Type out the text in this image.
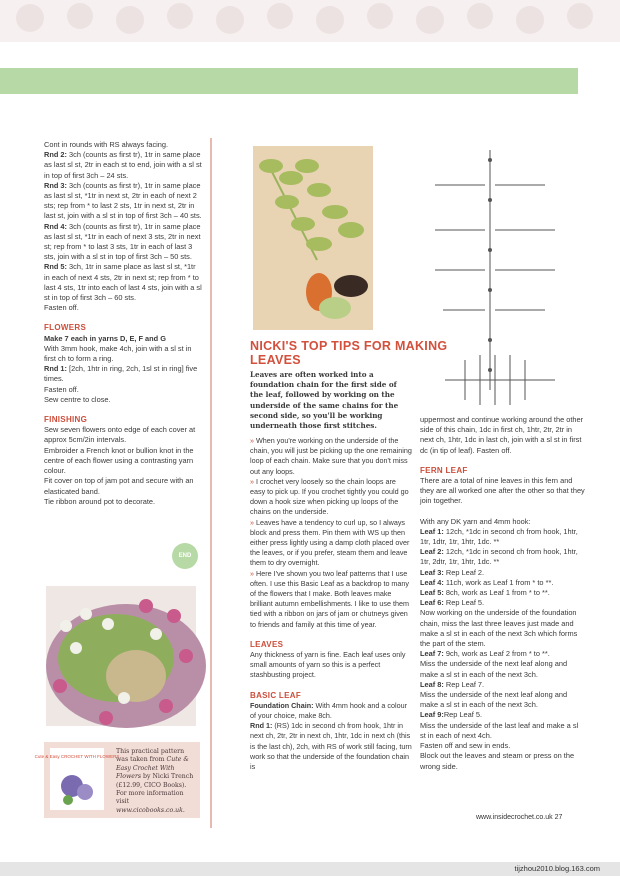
Cont in rounds with RS always facing.

Rnd 2: 3ch (counts as first tr), 1tr in same place as last sl st, 2tr in each st to end, join with a sl st in top of first 3ch – 24 sts.

Rnd 3: 3ch (counts as first tr), 1tr in same place as last sl st, *1tr in next st, 2tr in each of next 2 sts; rep from * to last 2 sts, 1tr in next st, 2tr in last st, join with a sl st in top of first 3ch – 40 sts.

Rnd 4: 3ch (counts as first tr), 1tr in same place as last sl st, *1tr in each of next 3 sts, 2tr in next st; rep from * to last 3 sts, 1tr in each of last 3 sts, join with a sl st in top of first 3ch – 50 sts.

Rnd 5: 3ch, 1tr in same place as last sl st, *1tr in each of next 4 sts, 2tr in next st; rep from * to last 4 sts, 1tr into each of last 4 sts, join with a sl st in top of first 3ch – 60 sts.

Fasten off.

FLOWERS

Make 7 each in yarns D, E, F and G

With 3mm hook, make 4ch, join with a sl st in first ch to form a ring.

Rnd 1: [2ch, 1htr in ring, 2ch, 1sl st in ring] five times.

Fasten off.

Sew centre to close.

FINISHING

Sew seven flowers onto edge of each cover at approx 5cm/2in intervals.

Embroider a French knot or bullion knot in the centre of each flower using a contrasting yarn colour.

Fit cover on top of jam pot and secure with an elasticated band.

Tie ribbon around pot to decorate.

END
Cute & Easy CROCHET WITH FLOWERS
This practical pattern was taken from Cute & Easy Crochet With Flowers by Nicki Trench (£12.99, CICO Books). For more information visit www.cicobooks.co.uk.
NICKI'S TOP TIPS FOR MAKING LEAVES
Leaves are often worked into a foundation chain for the first side of the leaf, followed by working on the underside of the same chains for the second side, so you'll be working underneath those first stitches.

» When you're working on the underside of the chain, you will just be picking up the one remaining loop of each chain. Make sure that you don't miss out any loops.

» I crochet very loosely so the chain loops are easy to pick up. If you crochet tightly you could go down a hook size when picking up loops of the chains on the underside.

» Leaves have a tendency to curl up, so I always block and press them. Pin them with WS up then either press lightly using a damp cloth placed over the leaves, or if you prefer, steam them and leave them to dry overnight.

» Here I've shown you two leaf patterns that I use often. I use this Basic Leaf as a backdrop to many of the flowers that I make. Both leaves make brilliant autumn embellishments. I like to use them tied with a ribbon on jars of jam or chutneys given to friends and family at this time of year.

LEAVES

Any thickness of yarn is fine. Each leaf uses only small amounts of yarn so this is a perfect stashbusting project.

BASIC LEAF

Foundation Chain: With 4mm hook and a colour of your choice, make 8ch.

Rnd 1: (RS) 1dc in second ch from hook, 1htr in next ch, 2tr, 2tr in next ch, 1htr, 1dc in next ch (this is the last ch), 2ch, with RS of work still facing, turn work so that the underside of the foundation chain is

uppermost and continue working around the other side of this chain, 1dc in first ch, 1htr, 2tr, 2tr in next ch, 1htr, 1dc in last ch, join with a sl st in first dc (in tip of leaf). Fasten off.

FERN LEAF

There are a total of nine leaves in this fern and they are all worked one after the other so that they join together.

With any DK yarn and 4mm hook:

Leaf 1: 12ch, *1dc in second ch from hook, 1htr, 1tr, 1dtr, 1tr, 1htr, 1dc. **

Leaf 2: 12ch, *1dc in second ch from hook, 1htr, 1tr, 2dtr, 1tr, 1htr, 1dc. **

Leaf 3: Rep Leaf 2.

Leaf 4: 11ch, work as Leaf 1 from * to **.

Leaf 5: 8ch, work as Leaf 1 from * to **.

Leaf 6: Rep Leaf 5.

Now working on the underside of the foundation chain, miss the last three leaves just made and make a sl st in each of the next 3ch which forms the part of the stem.

Leaf 7: 9ch, work as Leaf 2 from * to **.

Miss the underside of the next leaf along and make a sl st in each of the next 3ch.

Leaf 8: Rep Leaf 7.

Miss the underside of the next leaf along and make a sl st in each of the next 3ch.

Leaf 9:Rep Leaf 5.

Miss the underside of the last leaf and make a sl st in each of next 4ch.

Fasten off and sew in ends.

Block out the leaves and steam or press on the wrong side.

www.insidecrochet.co.uk 27
tijzhou2010.blog.163.com
